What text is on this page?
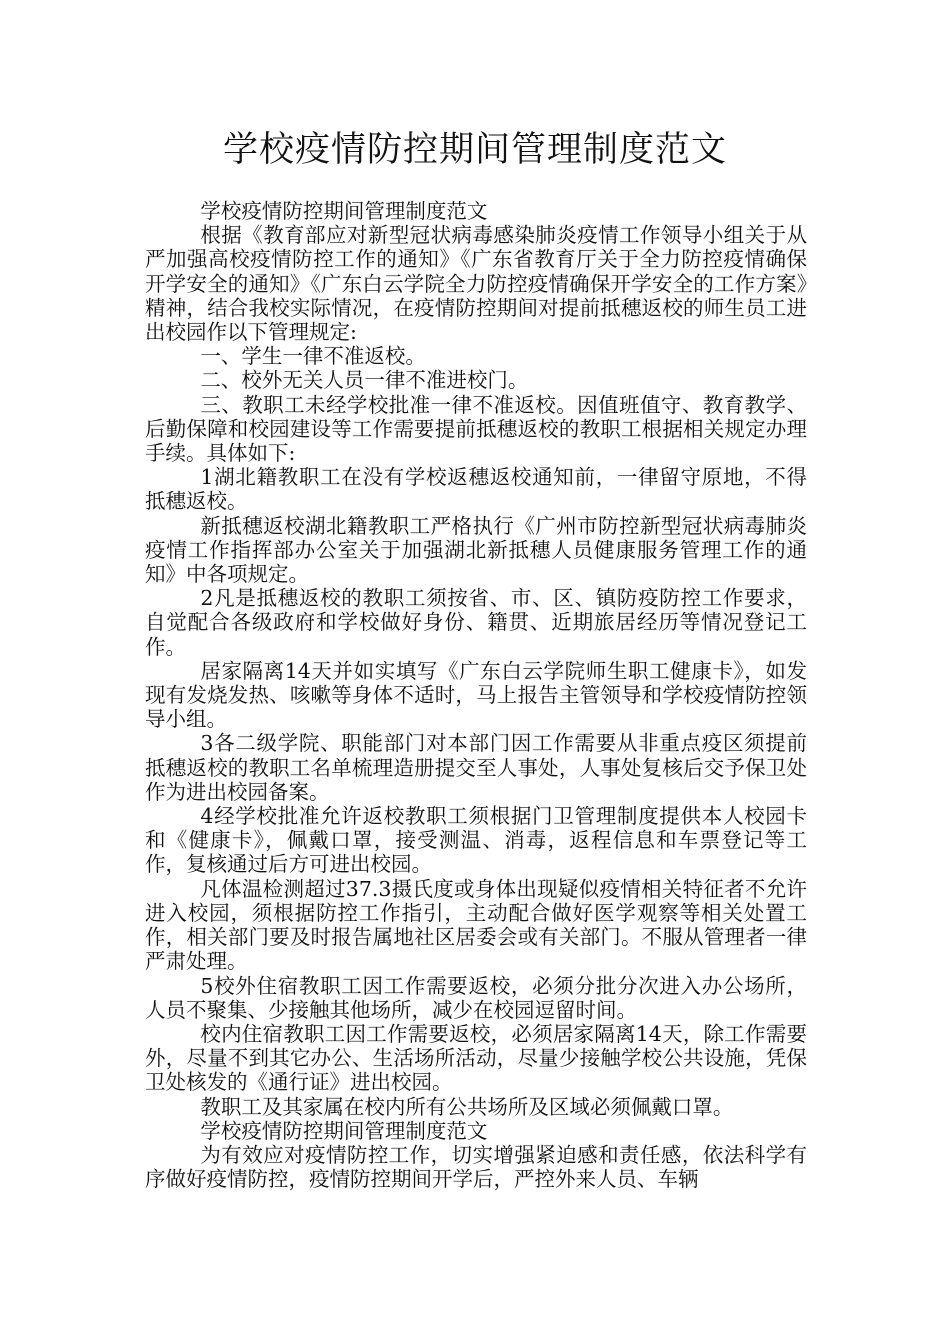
学校疫情防控期间管理制度范文

学校疫情防控期间管理制度范文

根据《教育部应对新型冠状病毒感染肺炎疫情工作领导小组关于从严加强高校疫情防控工作的通知》《广东省教育厅关于全力防控疫情确保开学安全的通知》《广东白云学院全力防控疫情确保开学安全的工作方案》精神，结合我校实际情况，在疫情防控期间对提前抵穗返校的师生员工进出校园作以下管理规定:

一、学生一律不准返校。

二、校外无关人员一律不准进校门。

三、教职工未经学校批准一律不准返校。因值班值守、教育教学、后勤保障和校园建设等工作需要提前抵穗返校的教职工根据相关规定办理手续。具体如下:

1湖北籍教职工在没有学校返穗返校通知前，一律留守原地，不得抵穗返校。

新抵穗返校湖北籍教职工严格执行《广州市防控新型冠状病毒肺炎疫情工作指挥部办公室关于加强湖北新抵穗人员健康服务管理工作的通知》中各项规定。

2凡是抵穗返校的教职工须按省、市、区、镇防疫防控工作要求，自觉配合各级政府和学校做好身份、籍贯、近期旅居经历等情况登记工作。

居家隔离14天并如实填写《广东白云学院师生职工健康卡》，如发现有发烧发热、咳嗽等身体不适时，马上报告主管领导和学校疫情防控领导小组。

3各二级学院、职能部门对本部门因工作需要从非重点疫区须提前抵穗返校的教职工名单梳理造册提交至人事处，人事处复核后交予保卫处作为进出校园备案。

4经学校批准允许返校教职工须根据门卫管理制度提供本人校园卡和《健康卡》，佩戴口罩，接受测温、消毒，返程信息和车票登记等工作，复核通过后方可进出校园。

凡体温检测超过37.3摄氏度或身体出现疑似疫情相关特征者不允许进入校园，须根据防控工作指引，主动配合做好医学观察等相关处置工作，相关部门要及时报告属地社区居委会或有关部门。不服从管理者一律严肃处理。

5校外住宿教职工因工作需要返校，必须分批分次进入办公场所，人员不聚集、少接触其他场所，减少在校园逗留时间。

校内住宿教职工因工作需要返校，必须居家隔离14天，除工作需要外，尽量不到其它办公、生活场所活动，尽量少接触学校公共设施，凭保卫处核发的《通行证》进出校园。

教职工及其家属在校内所有公共场所及区域必须佩戴口罩。

学校疫情防控期间管理制度范文

为有效应对疫情防控工作，切实增强紧迫感和责任感，依法科学有序做好疫情防控，疫情防控期间开学后，严控外来人员、车辆
